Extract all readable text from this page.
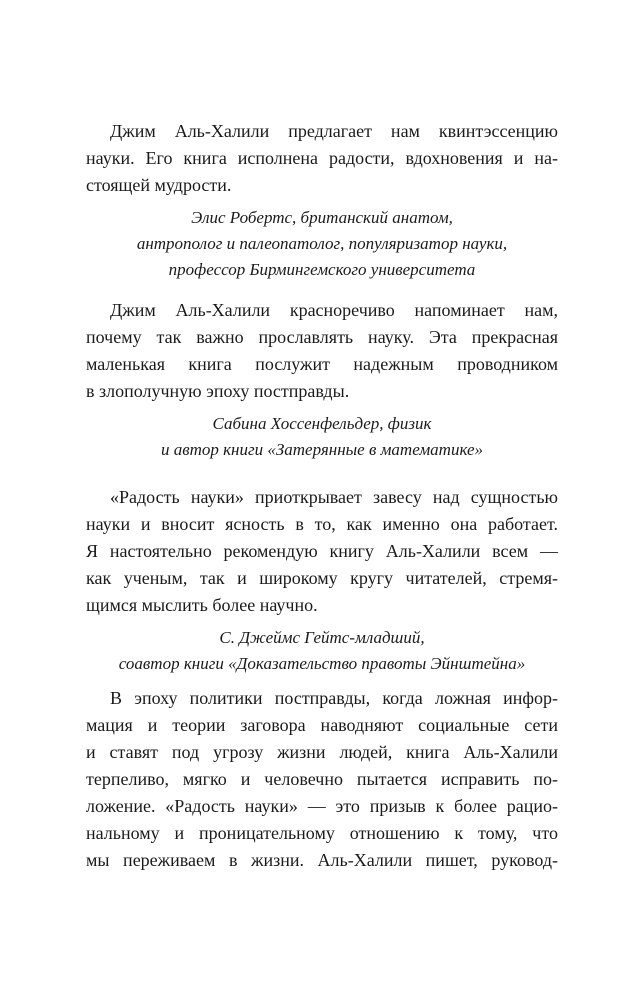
Джим Аль-Халили предлагает нам квинтэссенцию
науки. Его книга исполнена радости, вдохновения и на-
стоящей мудрости.
Элис Робертс, британский анатом,
антрополог и палеопатолог, популяризатор науки,
профессор Бирмингемского университета
Джим Аль-Халили красноречиво напоминает нам,
почему так важно прославлять науку. Эта прекрасная
маленькая книга послужит надежным проводником
в злополучную эпоху постправды.
Сабина Хоссенфельдер, физик
и автор книги «Затерянные в математике»
«Радость науки» приоткрывает завесу над сущностью
науки и вносит ясность в то, как именно она работает.
Я настоятельно рекомендую книгу Аль-Халили всем —
как ученым, так и широкому кругу читателей, стремя-
щимся мыслить более научно.
С. Джеймс Гейтс-младший,
соавтор книги «Доказательство правоты Эйнштейна»
В эпоху политики постправды, когда ложная инфор-
мация и теории заговора наводняют социальные сети
и ставят под угрозу жизни людей, книга Аль-Халили
терпеливо, мягко и человечно пытается исправить по-
ложение. «Радость науки» — это призыв к более рацио-
нальному и проницательному отношению к тому, что
мы переживаем в жизни. Аль-Халили пишет, руковод-
